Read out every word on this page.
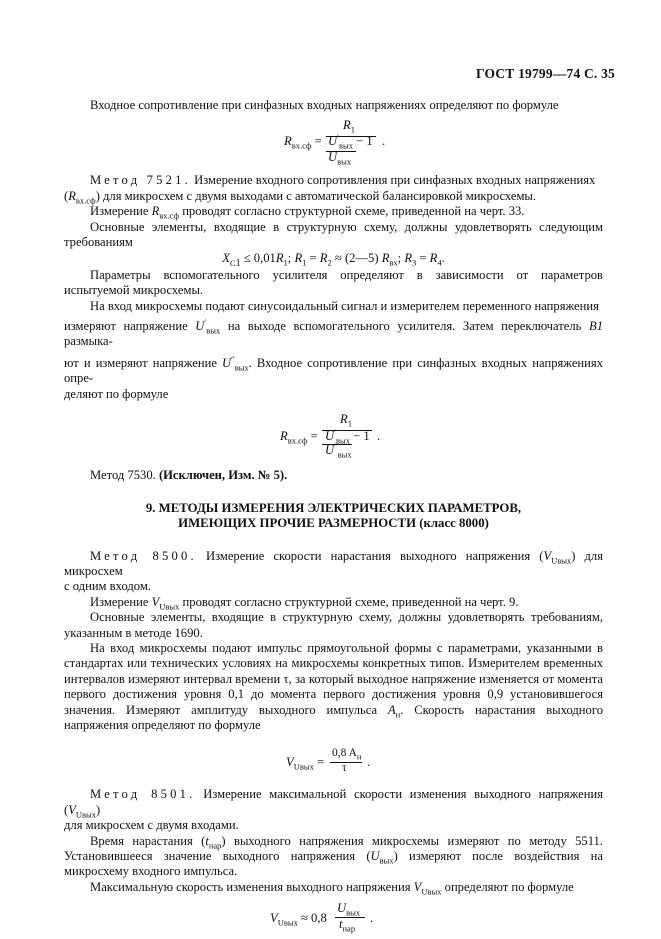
ГОСТ 19799—74 С. 35

Входное сопротивление при синфазных входных напряжениях определяют по формуле

$R_{вх.сф}$ =
$R_1$
$U'_{вых} - 1$
$U_{вых}$
.

Метод 7521. Измерение входного сопротивления при синфазных входных напряжениях

$(R_{вх.сф})$ для микросхем с двумя выходами с автоматической балансировкой микросхемы.

Измерение $R_{вх.сф}$ проводят согласно структурной схеме, приведенной на черт. 33.

Основные элементы, входящие в структурную схему, должны удовлетворять следующим требованиям

$X_{C1} \le 0,01R_1$; $R_1 = R_2$ ≈ (2—5) $R_{вх}$; $R_3 = R_4$.

Параметры вспомогательного усилителя определяют в зависимости от параметров испытуемой микросхемы.

На вход микросхемы подают синусоидальный сигнал и измерителем переменного напряжения

измеряют напряжение $U'_{вых}$ на выходе вспомогательного усилителя. Затем переключатель B1 размыка-

ют и измеряют напряжение $U''_{вых}$. Входное сопротивление при синфазных входных напряжениях опре-

деляют по формуле

$R_{вх.сф}$ =
$R_1$
$U'_{вых} - 1$
$U''_{вых}$
.

Метод 7530. (Исключен, Изм. № 5).

9. МЕТОДЫ ИЗМЕРЕНИЯ ЭЛЕКТРИЧЕСКИХ ПАРАМЕТРОВ,
ИМЕЮЩИХ ПРОЧИЕ РАЗМЕРНОСТИ (класс 8000)

Метод 8500. Измерение скорости нарастания выходного напряжения $(V_{Uвых})$ для микросхем

с одним входом.

Измерение $V_{Uвых}$ проводят согласно структурной схеме, приведенной на черт. 9.

Основные элементы, входящие в структурную схему, должны удовлетворять требованиям, указанным в методе 1690.

На вход микросхемы подают импульс прямоугольной формы с параметрами, указанными в стандартах или технических условиях на микросхемы конкретных типов. Измерителем временных интервалов измеряют интервал времени τ, за который выходное напряжение изменяется от момента первого достижения уровня 0,1 до момента первого достижения уровня 0,9 установившегося значения. Измеряют амплитуду выходного импульса $A_н$. Скорость нарастания выходного напряжения определяют по формуле

$V_{Uвых}$ =
0,8 $A_н$
τ .

Метод 8501. Измерение максимальной скорости изменения выходного напряжения $(V_{Uвых})$

для микросхем с двумя входами.

Время нарастания $(t_{нар})$ выходного напряжения микросхемы измеряют по методу 5511. Установившееся значение выходного напряжения $(U_{вых})$ измеряют после воздействия на микросхему входного импульса.

Максимальную скорость изменения выходного напряжения $V_{Uвых}$ определяют по формуле

$V_{Uвых} \approx 0,8$
$U_{вых}$
$t_{нар}$
.
